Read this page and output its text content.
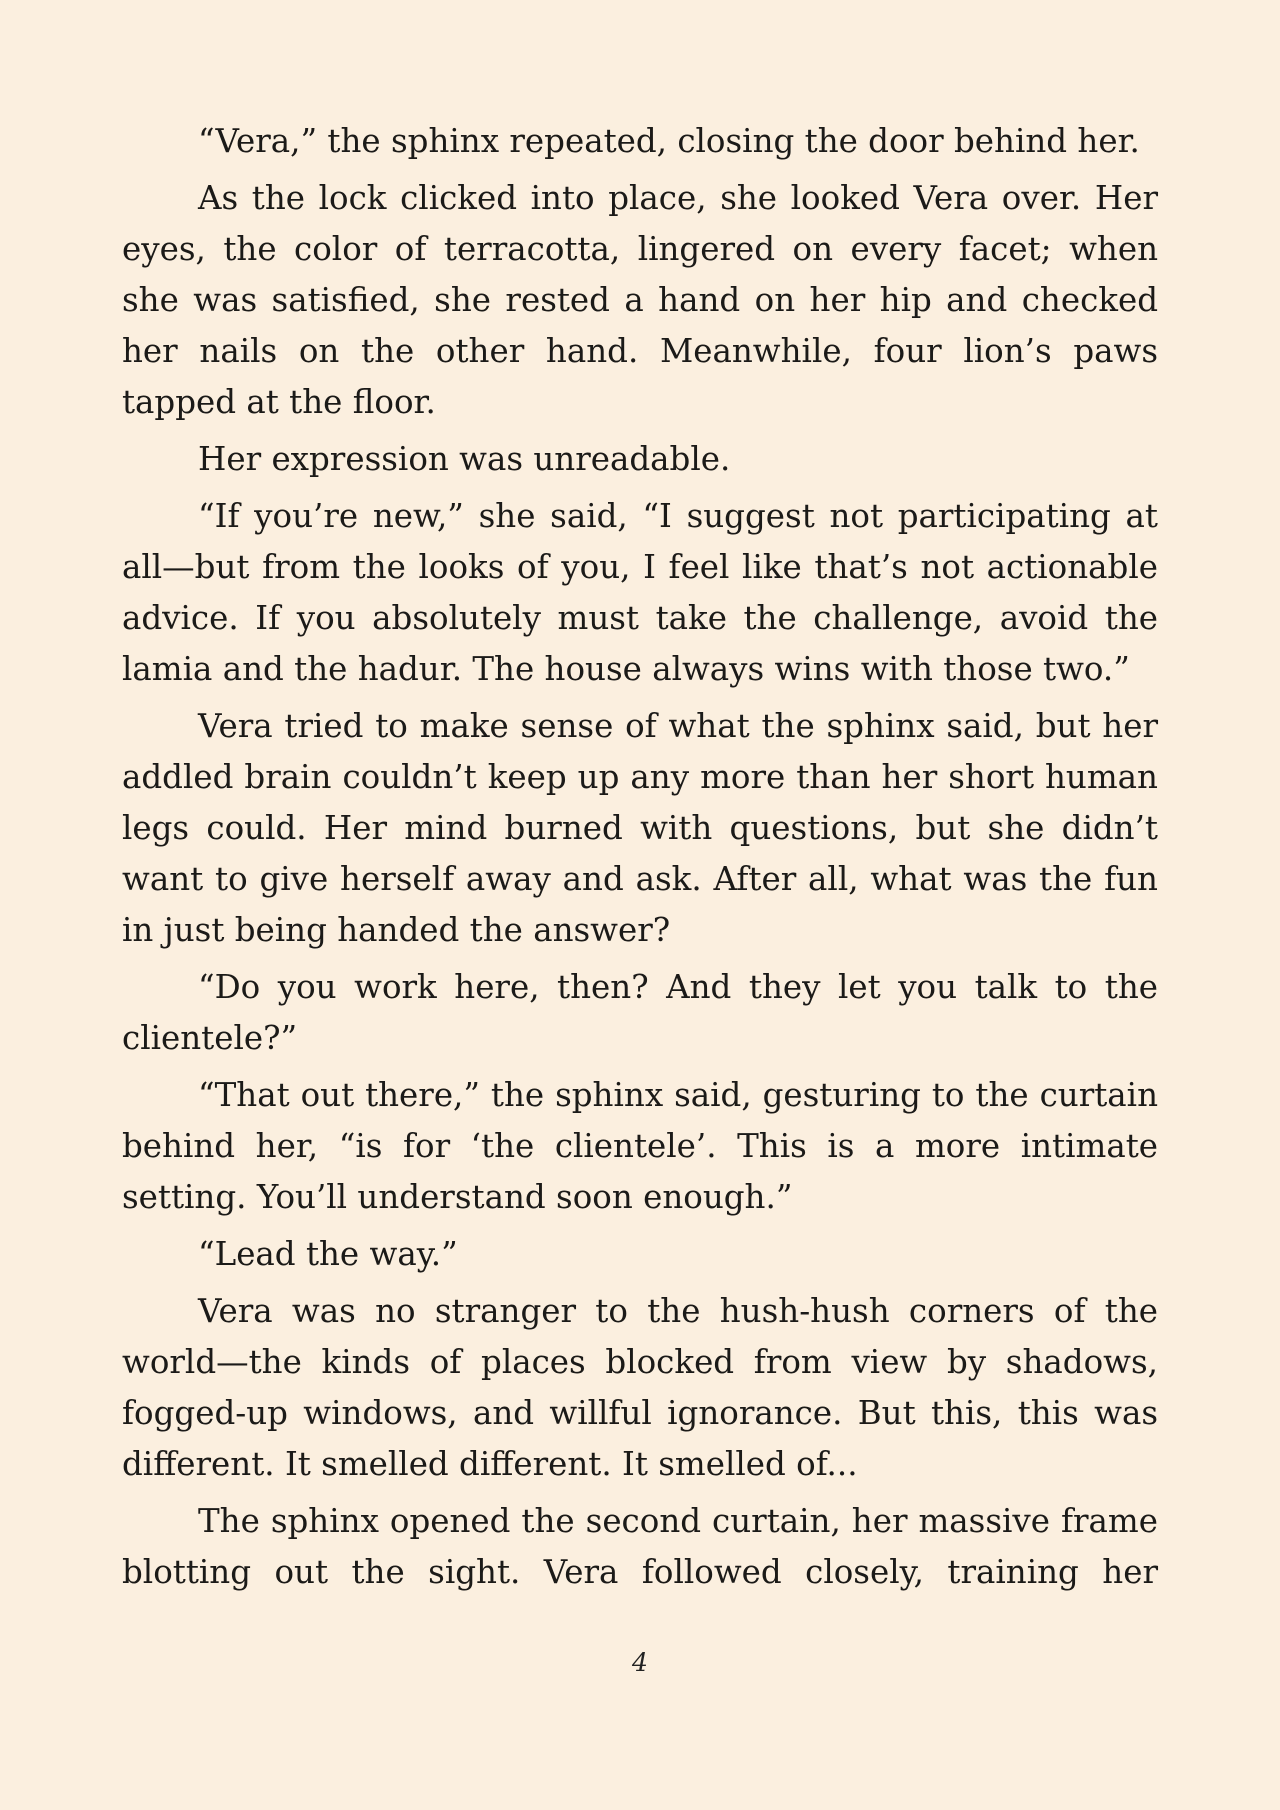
“Vera,” the sphinx repeated, closing the door behind her.

As the lock clicked into place, she looked Vera over. Her eyes, the color of terracotta, lingered on every facet; when she was satisfied, she rested a hand on her hip and checked her nails on the other hand. Meanwhile, four lion’s paws tapped at the floor.

Her expression was unreadable.

“If you’re new,” she said, “I suggest not participating at all—but from the looks of you, I feel like that’s not actionable advice. If you absolutely must take the challenge, avoid the lamia and the hadur. The house always wins with those two.”

Vera tried to make sense of what the sphinx said, but her addled brain couldn’t keep up any more than her short human legs could. Her mind burned with questions, but she didn’t want to give herself away and ask. After all, what was the fun in just being handed the answer?

“Do you work here, then? And they let you talk to the clientele?”

“That out there,” the sphinx said, gesturing to the curtain behind her, “is for ‘the clientele’. This is a more intimate setting. You’ll understand soon enough.”

“Lead the way.”

Vera was no stranger to the hush-hush corners of the world—the kinds of places blocked from view by shadows, fogged-up windows, and willful ignorance. But this, this was different. It smelled different. It smelled of...

The sphinx opened the second curtain, her massive frame blotting out the sight. Vera followed closely, training her

4
